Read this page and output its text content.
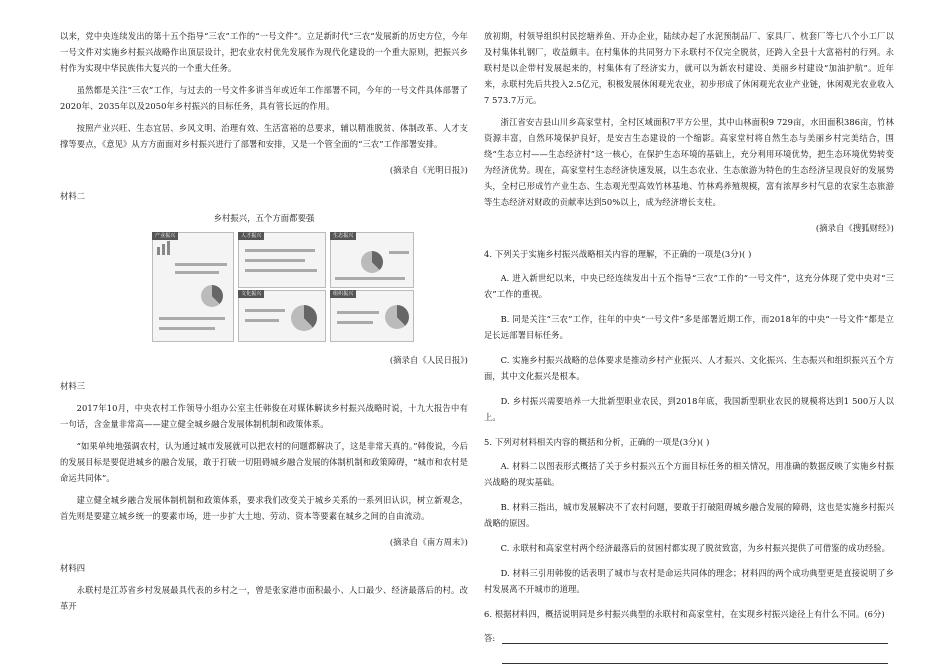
以来，党中央连续发出的第十五个指导“三农”工作的“一号文件”。立足新时代“三农”发展新的历史方位，今年一号文件对实施乡村振兴战略作出顶层设计，把农业农村优先发展作为现代化建设的一个重大原则，把振兴乡村作为实现中华民族伟大复兴的一个重大任务。

虽然都是关注“三农”工作，与过去的一号文件多讲当年或近年工作部署不同，今年的一号文件具体部署了2020年、2035年以及2050年乡村振兴的目标任务，具有管长远的作用。

按照产业兴旺、生态宜居、乡风文明、治理有效、生活富裕的总要求，辅以精准脱贫、体制改革、人才支撑等要点，《意见》从方方面面对乡村振兴进行了部署和安排，又是一个管全面的“三农”工作部署安排。

(摘录自《光明日报》)

材料二

乡村振兴，五个方面都要强

产业振兴	人才振兴
文化振兴
生态振兴
组织振兴

(摘录自《人民日报》)

材料三

2017年10月，中央农村工作领导小组办公室主任韩俊在对媒体解读乡村振兴战略时说，十九大报告中有一句话，含金量非常高——建立健全城乡融合发展体制机制和政策体系。

“如果单纯地强调农村，认为通过城市发展就可以把农村的问题都解决了，这是非常天真的。”韩俊说，今后的发展目标是要促进城乡的融合发展，敢于打破一切阻碍城乡融合发展的体制机制和政策障碍，“城市和农村是命运共同体”。

建立健全城乡融合发展体制机制和政策体系，要求我们改变关于城乡关系的一系列旧认识，树立新观念，首先则是要建立城乡统一的要素市场，进一步扩大土地、劳动、资本等要素在城乡之间的自由流动。

(摘录自《南方周末》)

材料四

永联村是江苏省乡村发展最具代表的乡村之一，曾是张家港市面积最小、人口最少、经济最落后的村。改革开

放初期，村领导组织村民挖塘养鱼、开办企业，陆续办起了水泥预制品厂、家具厂、枕套厂等七八个小工厂以及村集体轧钢厂，收益颇丰。在村集体的共同努力下永联村不仅完全脱贫，还跨入全县十大富裕村的行列。永联村是以企带村发展起来的，村集体有了经济实力，就可以为新农村建设、美丽乡村建设“加油护航”。近年来，永联村先后共投入2.5亿元，积极发展休闲观光农业，初步形成了休闲观光农业产业链，休闲观光农业收入7 573.7万元。

浙江省安吉县山川乡高家堂村，全村区域面积7平方公里，其中山林面积9 729亩，水田面积386亩，竹林资源丰富，自然环境保护良好，是安吉生态建设的一个缩影。高家堂村将自然生态与美丽乡村完美结合，围绕“生态立村——生态经济村”这一核心，在保护生态环境的基础上，充分利用环境优势，把生态环境优势转变为经济优势。现在，高家堂村生态经济快速发展，以生态农业、生态旅游为特色的生态经济呈现良好的发展势头，全村已形成竹产业生态、生态观光型高效竹林基地、竹林鸡养殖规模，富有浓厚乡村气息的农家生态旅游等生态经济对财政的贡献率达到50%以上，成为经济增长支柱。

(摘录自《搜狐财经》)

4. 下列关于实施乡村振兴战略相关内容的理解，不正确的一项是(3分)( )

A. 进入新世纪以来，中央已经连续发出十五个指导“三农”工作的“一号文件”，这充分体现了党中央对“三农”工作的重视。

B. 同是关注“三农”工作，往年的中央“一号文件”多是部署近期工作，而2018年的中央“一号文件”都是立足长远部署目标任务。

C. 实施乡村振兴战略的总体要求是推动乡村产业振兴、人才振兴、文化振兴、生态振兴和组织振兴五个方面，其中文化振兴是根本。

D. 乡村振兴需要培养一大批新型职业农民，到2018年底，我国新型职业农民的规模将达到1 500万人以上。

5. 下列对材料相关内容的概括和分析，正确的一项是(3分)( )

A. 材料二以图表形式概括了关于乡村振兴五个方面目标任务的相关情况，用准确的数据反映了实施乡村振兴战略的现实基础。

B. 材料三指出，城市发展解决不了农村问题，要敢于打破阻碍城乡融合发展的障碍，这也是实施乡村振兴战略的原因。

C. 永联村和高家堂村两个经济最落后的贫困村都实现了脱贫致富，为乡村振兴提供了可借鉴的成功经验。

D. 材料三引用韩俊的话表明了城市与农村是命运共同体的理念；材料四的两个成功典型更是直接说明了乡村发展离不开城市的道理。

6. 根据材料四，概括说明同是乡村振兴典型的永联村和高家堂村，在实现乡村振兴途径上有什么不同。(6分)

答:
